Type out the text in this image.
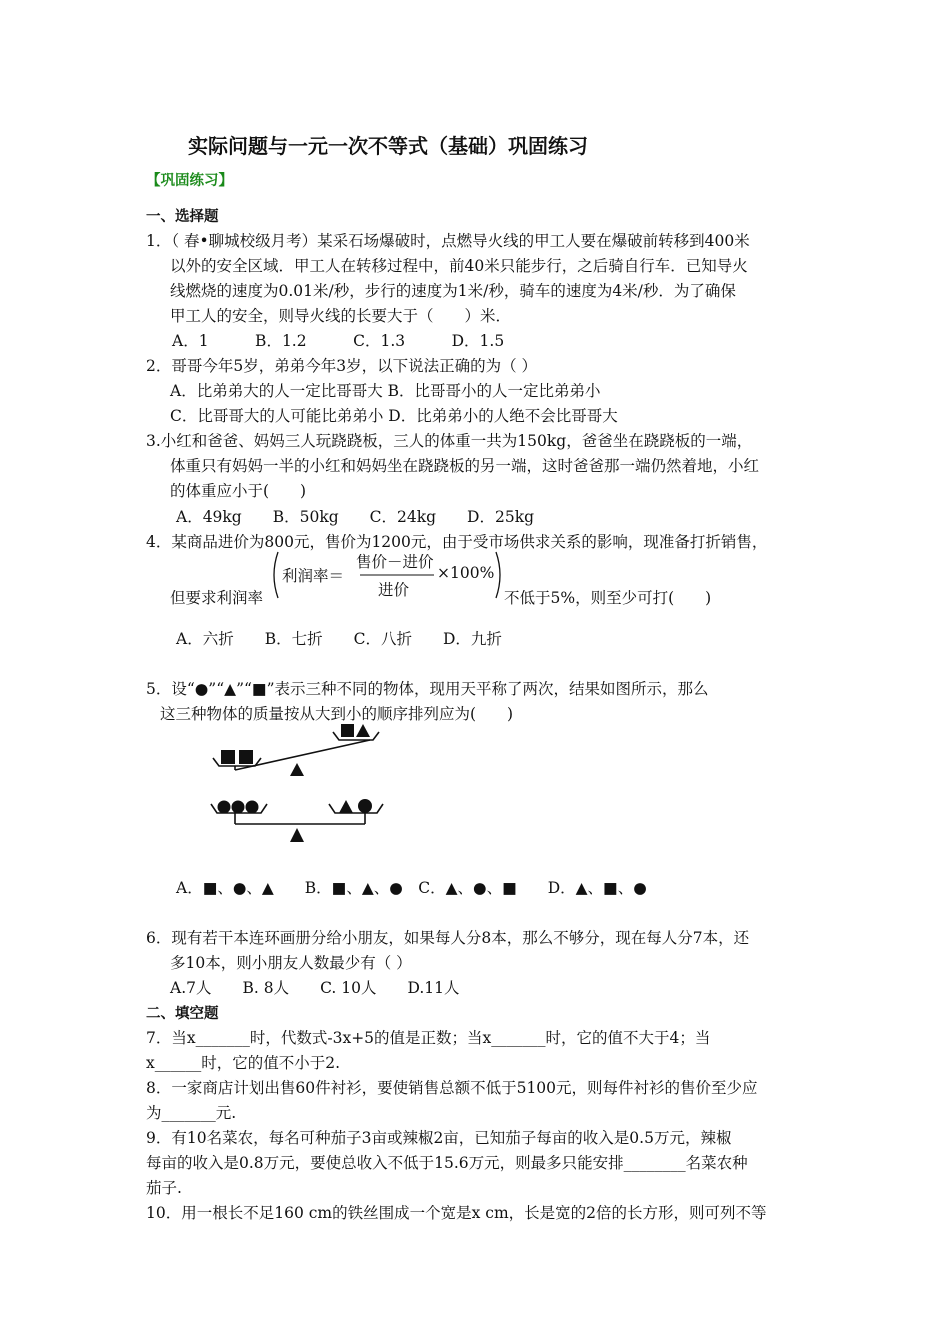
实际问题与一元一次不等式（基础）巩固练习
【巩固练习】
一、选择题
1．（ 春•聊城校级月考）某采石场爆破时，点燃导火线的甲工人要在爆破前转移到400米
以外的安全区域．甲工人在转移过程中，前40米只能步行，之后骑自行车．已知导火
线燃烧的速度为0.01米/秒，步行的速度为1米/秒，骑车的速度为4米/秒．为了确保
甲工人的安全，则导火线的长要大于（　　）米．
A．1　　　B．1.2　　　C．1.3　　　D．1.5
2．哥哥今年5岁，弟弟今年3岁，以下说法正确的为（ ）
A．比弟弟大的人一定比哥哥大 B．比哥哥小的人一定比弟弟小
C．比哥哥大的人可能比弟弟小 D．比弟弟小的人绝不会比哥哥大
3.小红和爸爸、妈妈三人玩跷跷板，三人的体重一共为150kg，爸爸坐在跷跷板的一端，
体重只有妈妈一半的小红和妈妈坐在跷跷板的另一端，这时爸爸那一端仍然着地，小红
的体重应小于(　　)
A．49kg　　B．50kg　　C．24kg　　D．25kg
4．某商品进价为800元，售价为1200元，由于受市场供求关系的影响，现准备打折销售，
但要求利润率
利润率＝
售价－进价
进价
×100%
不低于5%，则至少可打(　　)
A．六折　　B．七折　　C．八折　　D．九折
5．设“●”“▲”“■”表示三种不同的物体，现用天平称了两次，结果如图所示，那么
这三种物体的质量按从大到小的顺序排列应为(　　)
A．■、●、▲　　B．■、▲、●　C．▲、●、■　　D．▲、■、●
6．现有若干本连环画册分给小朋友，如果每人分8本，那么不够分，现在每人分7本，还
多10本，则小朋友人数最少有（ ）
A.7人　　B. 8人　　C. 10人　　D.11人
二、填空题
7．当x_______时，代数式-3x+5的值是正数；当x_______时，它的值不大于4；当
x______时，它的值不小于2.
8．一家商店计划出售60件衬衫，要使销售总额不低于5100元，则每件衬衫的售价至少应
为_______元.
9．有10名菜农，每名可种茄子3亩或辣椒2亩，已知茄子每亩的收入是0.5万元，辣椒
每亩的收入是0.8万元，要使总收入不低于15.6万元，则最多只能安排________名菜农种
茄子.
10．用一根长不足160 cm的铁丝围成一个宽是x cm，长是宽的2倍的长方形，则可列不等
